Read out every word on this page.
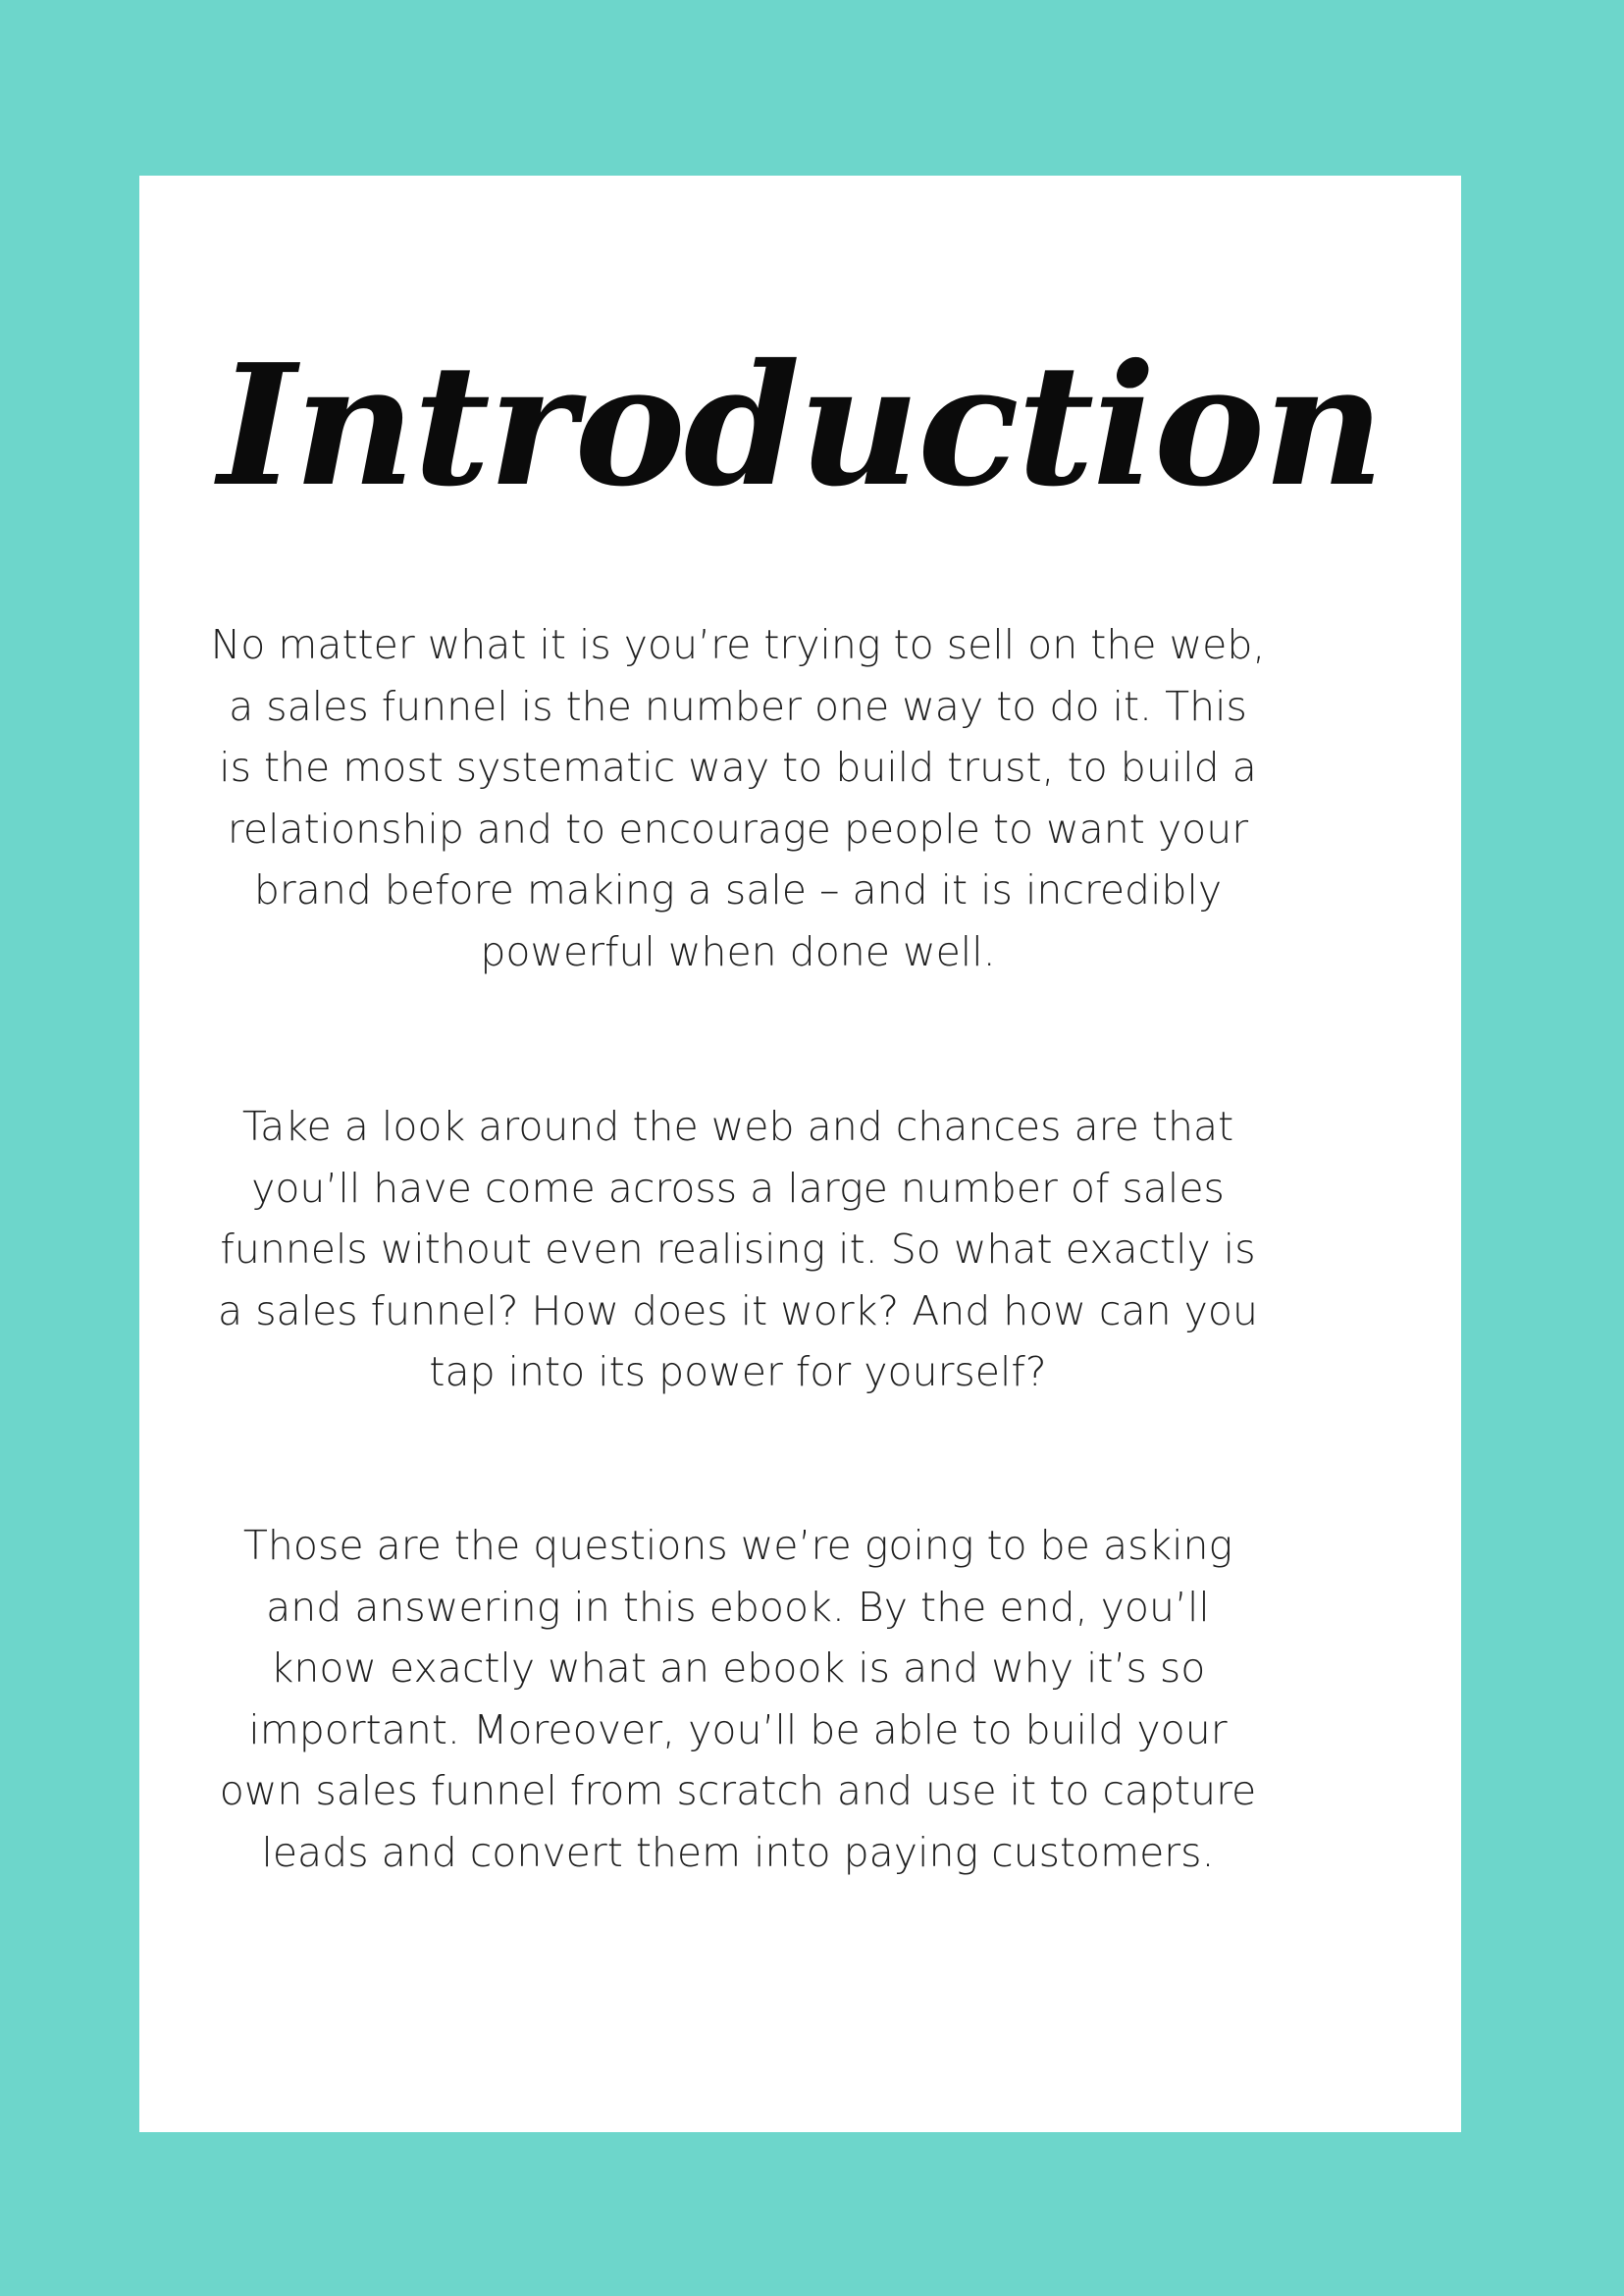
Introduction

No matter what it is you’re trying to sell on the web, a sales funnel is the number one way to do it. This is the most systematic way to build trust, to build a relationship and to encourage people to want your brand before making a sale – and it is incredibly powerful when done well.

Take a look around the web and chances are that you’ll have come across a large number of sales funnels without even realising it. So what exactly is a sales funnel? How does it work? And how can you tap into its power for yourself?

Those are the questions we’re going to be asking and answering in this ebook. By the end, you’ll know exactly what an ebook is and why it’s so important. Moreover, you’ll be able to build your own sales funnel from scratch and use it to capture leads and convert them into paying customers.
